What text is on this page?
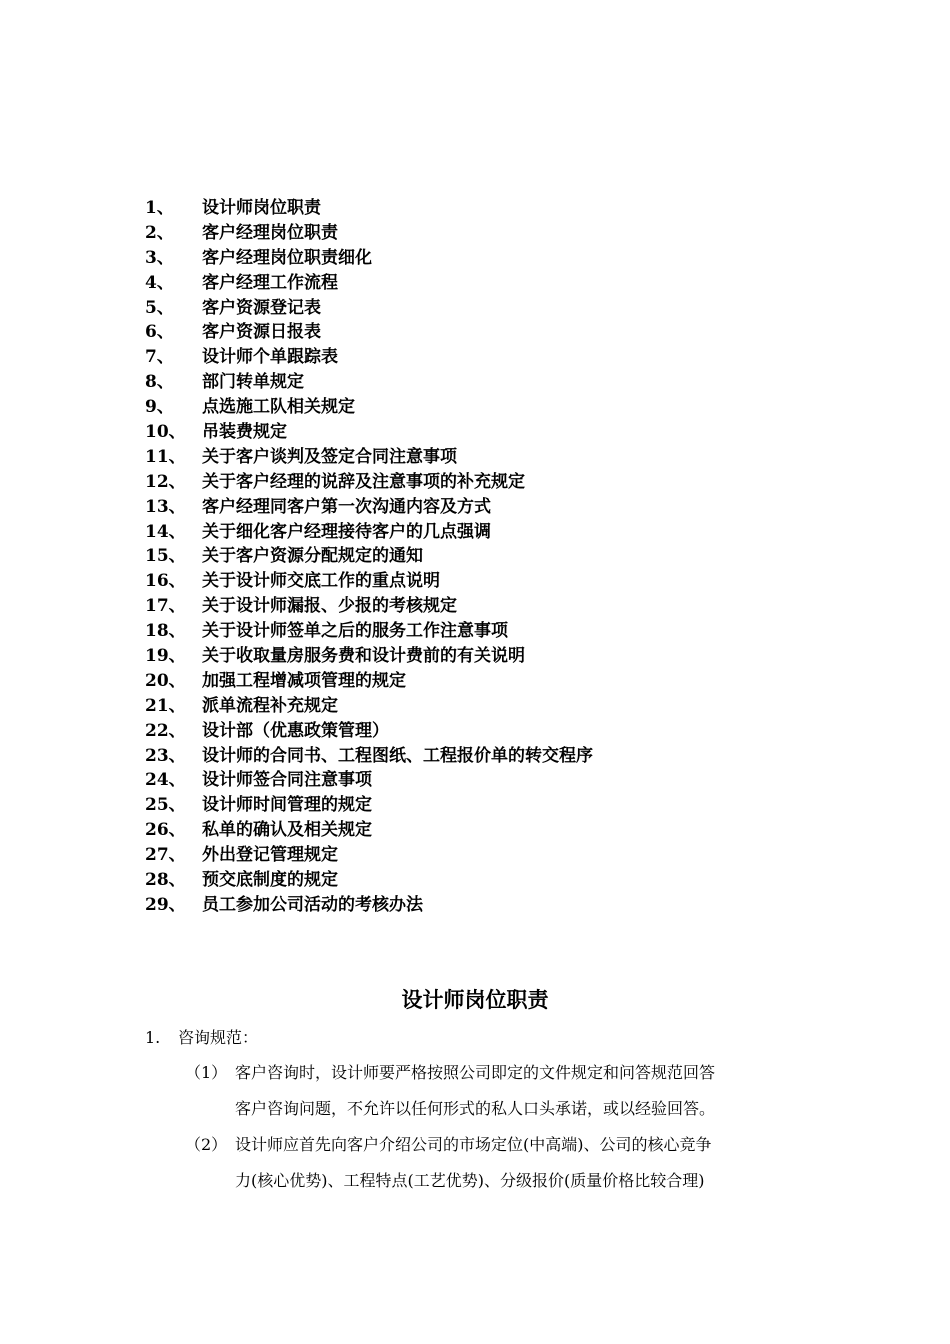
1、 设计师岗位职责
2、 客户经理岗位职责
3、 客户经理岗位职责细化
4、 客户经理工作流程
5、 客户资源登记表
6、 客户资源日报表
7、 设计师个单跟踪表
8、 部门转单规定
9、 点选施工队相关规定
10、 吊装费规定
11、 关于客户谈判及签定合同注意事项
12、 关于客户经理的说辞及注意事项的补充规定
13、 客户经理同客户第一次沟通内容及方式
14、 关于细化客户经理接待客户的几点强调
15、 关于客户资源分配规定的通知
16、 关于设计师交底工作的重点说明
17、 关于设计师漏报、少报的考核规定
18、 关于设计师签单之后的服务工作注意事项
19、 关于收取量房服务费和设计费前的有关说明
20、 加强工程增减项管理的规定
21、 派单流程补充规定
22、 设计部（优惠政策管理）
23、 设计师的合同书、工程图纸、工程报价单的转交程序
24、 设计师签合同注意事项
25、 设计师时间管理的规定
26、 私单的确认及相关规定
27、 外出登记管理规定
28、 预交底制度的规定
29、 员工参加公司活动的考核办法
设计师岗位职责
1. 咨询规范：
（1） 客户咨询时，设计师要严格按照公司即定的文件规定和问答规范回答
客户咨询问题，不允许以任何形式的私人口头承诺，或以经验回答。
（2） 设计师应首先向客户介绍公司的市场定位(中高端)、公司的核心竞争
力(核心优势)、工程特点(工艺优势)、分级报价(质量价格比较合理)
